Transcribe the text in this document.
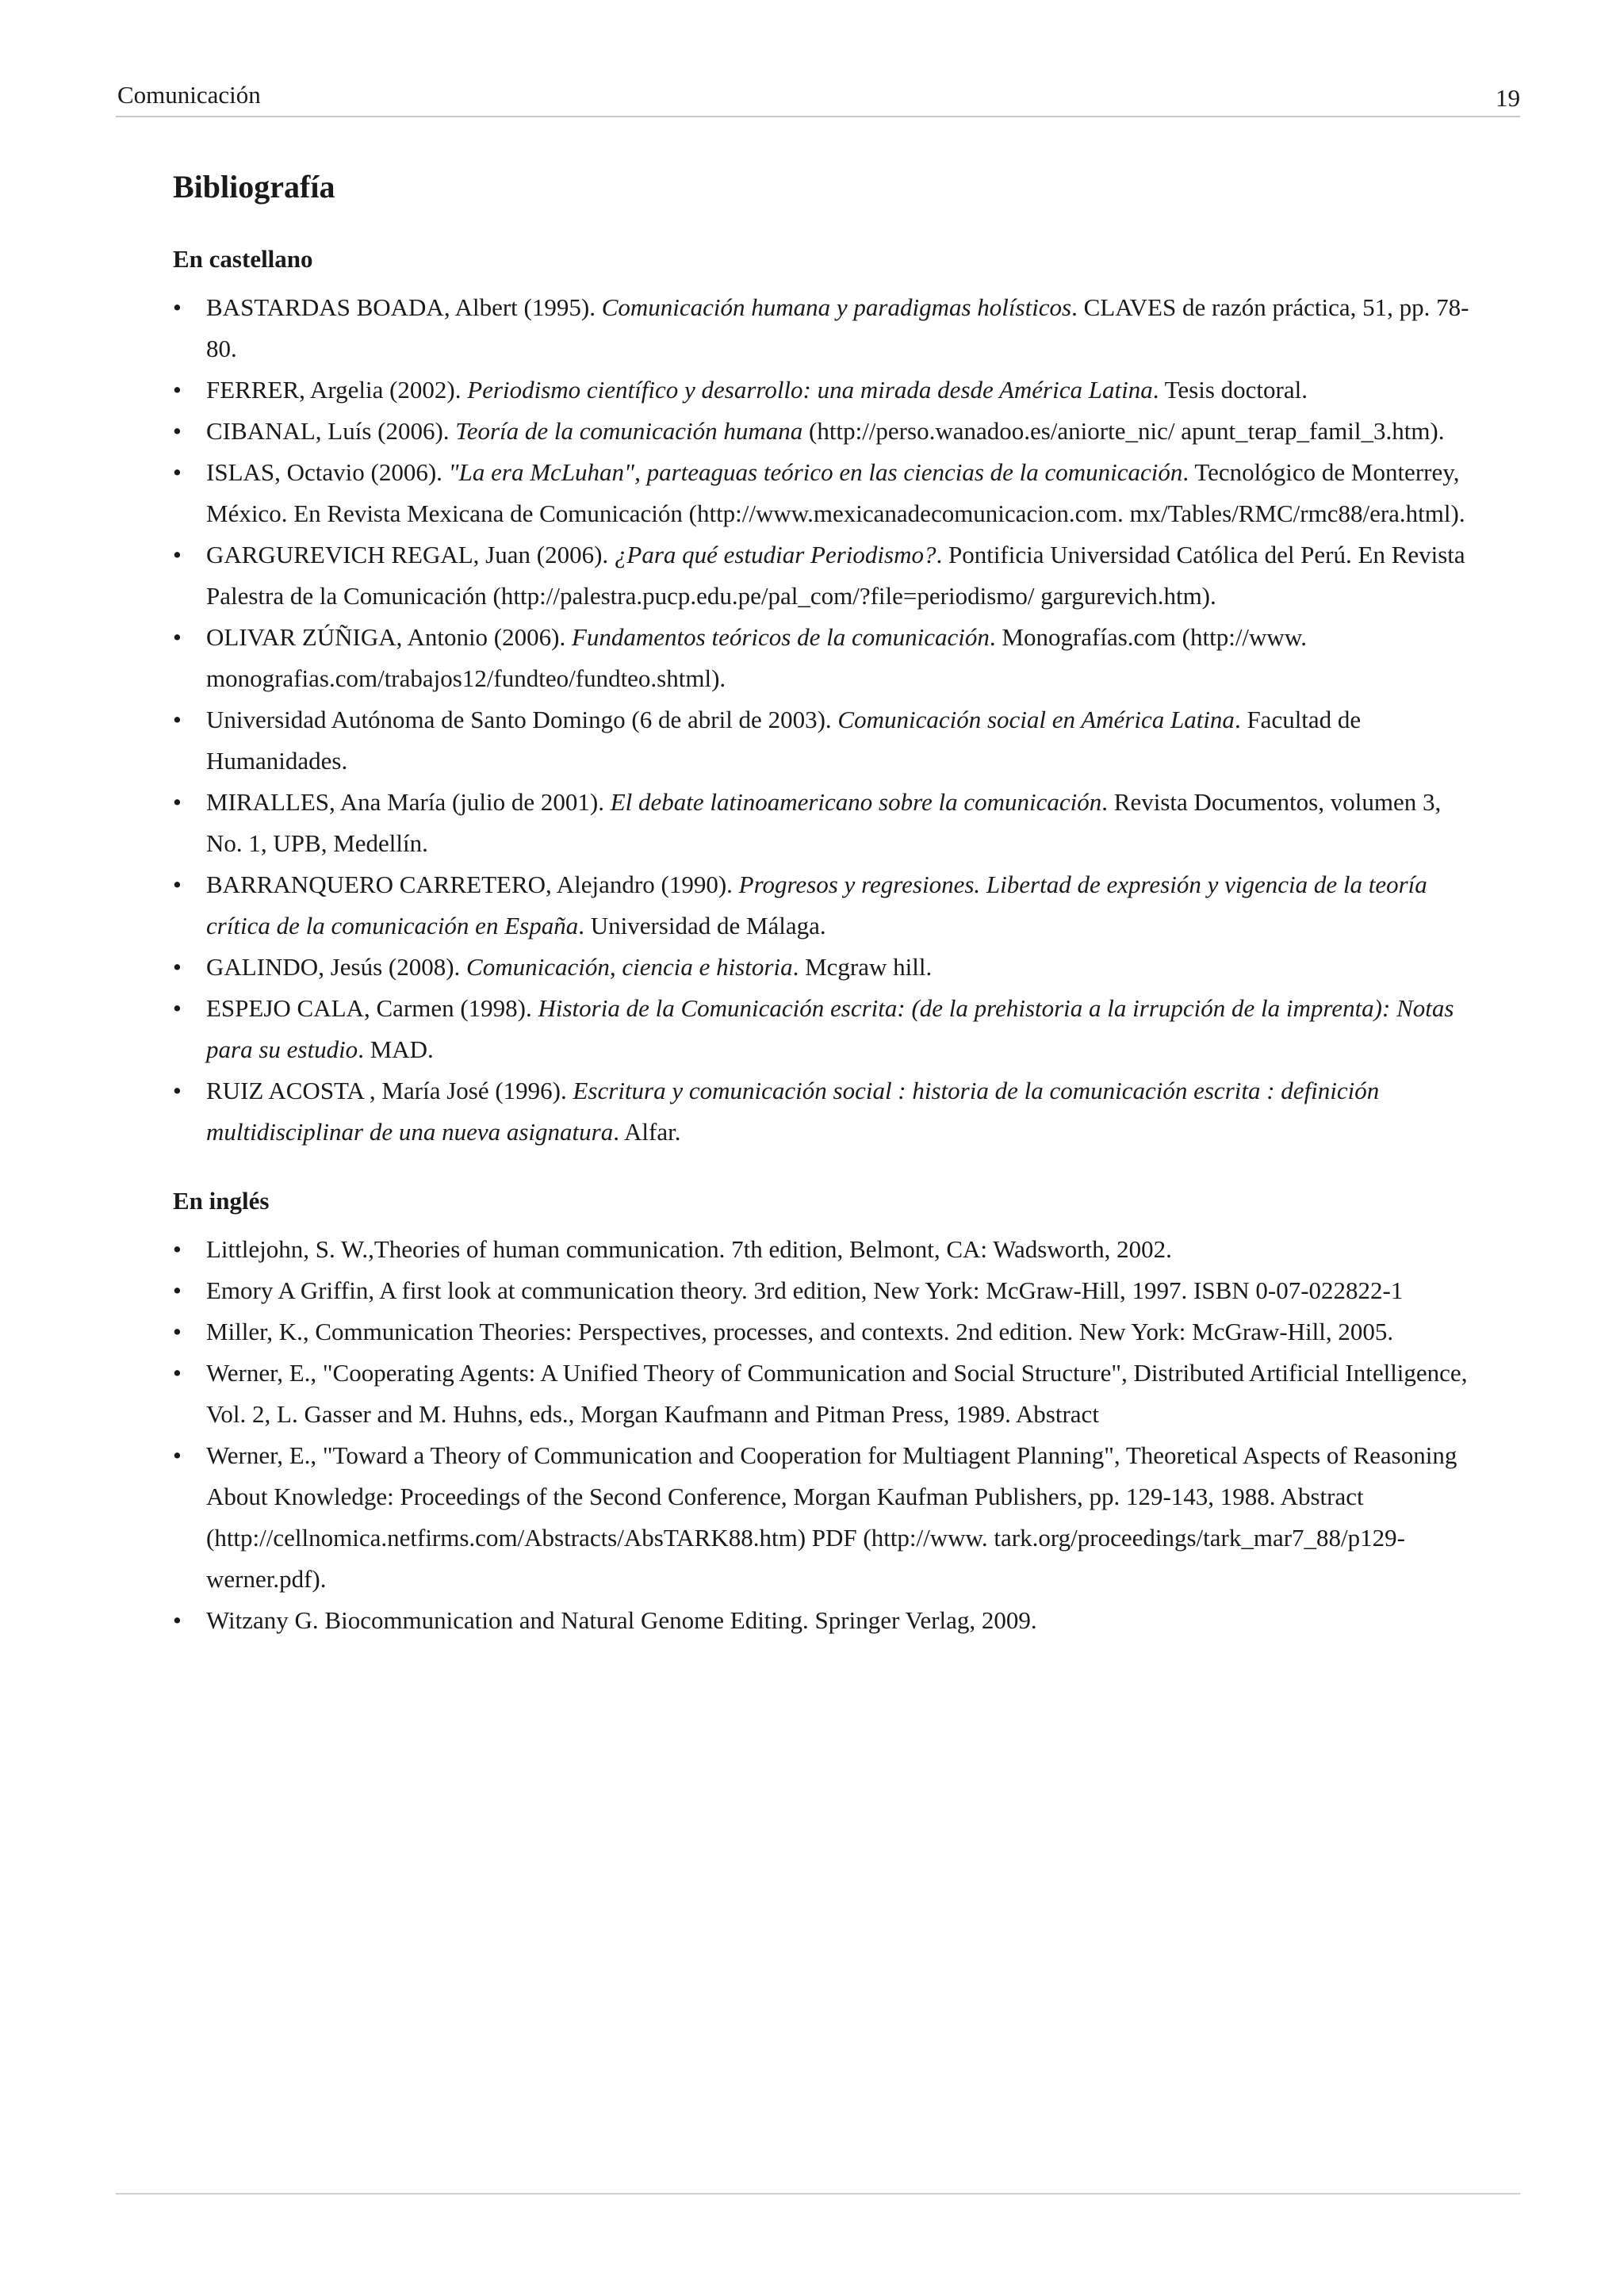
Comunicación	19
Bibliografía
En castellano
• BASTARDAS BOADA, Albert (1995). Comunicación humana y paradigmas holísticos. CLAVES de razón práctica, 51, pp. 78-80.
• FERRER, Argelia (2002). Periodismo científico y desarrollo: una mirada desde América Latina. Tesis doctoral.
• CIBANAL, Luís (2006). Teoría de la comunicación humana (http://perso.wanadoo.es/aniorte_nic/ apunt_terap_famil_3.htm).
• ISLAS, Octavio (2006). "La era McLuhan", parteaguas teórico en las ciencias de la comunicación. Tecnológico de Monterrey, México. En Revista Mexicana de Comunicación (http://www.mexicanadecomunicacion.com. mx/Tables/RMC/rmc88/era.html).
• GARGUREVICH REGAL, Juan (2006). ¿Para qué estudiar Periodismo?. Pontificia Universidad Católica del Perú. En Revista Palestra de la Comunicación (http://palestra.pucp.edu.pe/pal_com/?file=periodismo/ gargurevich.htm).
• OLIVAR ZÚÑIGA, Antonio (2006). Fundamentos teóricos de la comunicación. Monografías.com (http://www. monografias.com/trabajos12/fundteo/fundteo.shtml).
• Universidad Autónoma de Santo Domingo (6 de abril de 2003). Comunicación social en América Latina. Facultad de Humanidades.
• MIRALLES, Ana María (julio de 2001). El debate latinoamericano sobre la comunicación. Revista Documentos, volumen 3, No. 1, UPB, Medellín.
• BARRANQUERO CARRETERO, Alejandro (1990). Progresos y regresiones. Libertad de expresión y vigencia de la teoría crítica de la comunicación en España. Universidad de Málaga.
• GALINDO, Jesús (2008). Comunicación, ciencia e historia. Mcgraw hill.
• ESPEJO CALA, Carmen (1998). Historia de la Comunicación escrita: (de la prehistoria a la irrupción de la imprenta): Notas para su estudio. MAD.
• RUIZ ACOSTA , María José (1996). Escritura y comunicación social : historia de la comunicación escrita : definición multidisciplinar de una nueva asignatura. Alfar.
En inglés
• Littlejohn, S. W.,Theories of human communication. 7th edition, Belmont, CA: Wadsworth, 2002.
• Emory A Griffin, A first look at communication theory. 3rd edition, New York: McGraw-Hill, 1997. ISBN 0-07-022822-1
• Miller, K., Communication Theories: Perspectives, processes, and contexts. 2nd edition. New York: McGraw-Hill, 2005.
• Werner, E., "Cooperating Agents: A Unified Theory of Communication and Social Structure", Distributed Artificial Intelligence, Vol. 2, L. Gasser and M. Huhns, eds., Morgan Kaufmann and Pitman Press, 1989. Abstract
• Werner, E., "Toward a Theory of Communication and Cooperation for Multiagent Planning", Theoretical Aspects of Reasoning About Knowledge: Proceedings of the Second Conference, Morgan Kaufman Publishers, pp. 129-143, 1988. Abstract (http://cellnomica.netfirms.com/Abstracts/AbsTARK88.htm) PDF (http://www. tark.org/proceedings/tark_mar7_88/p129-werner.pdf).
• Witzany G. Biocommunication and Natural Genome Editing. Springer Verlag, 2009.
